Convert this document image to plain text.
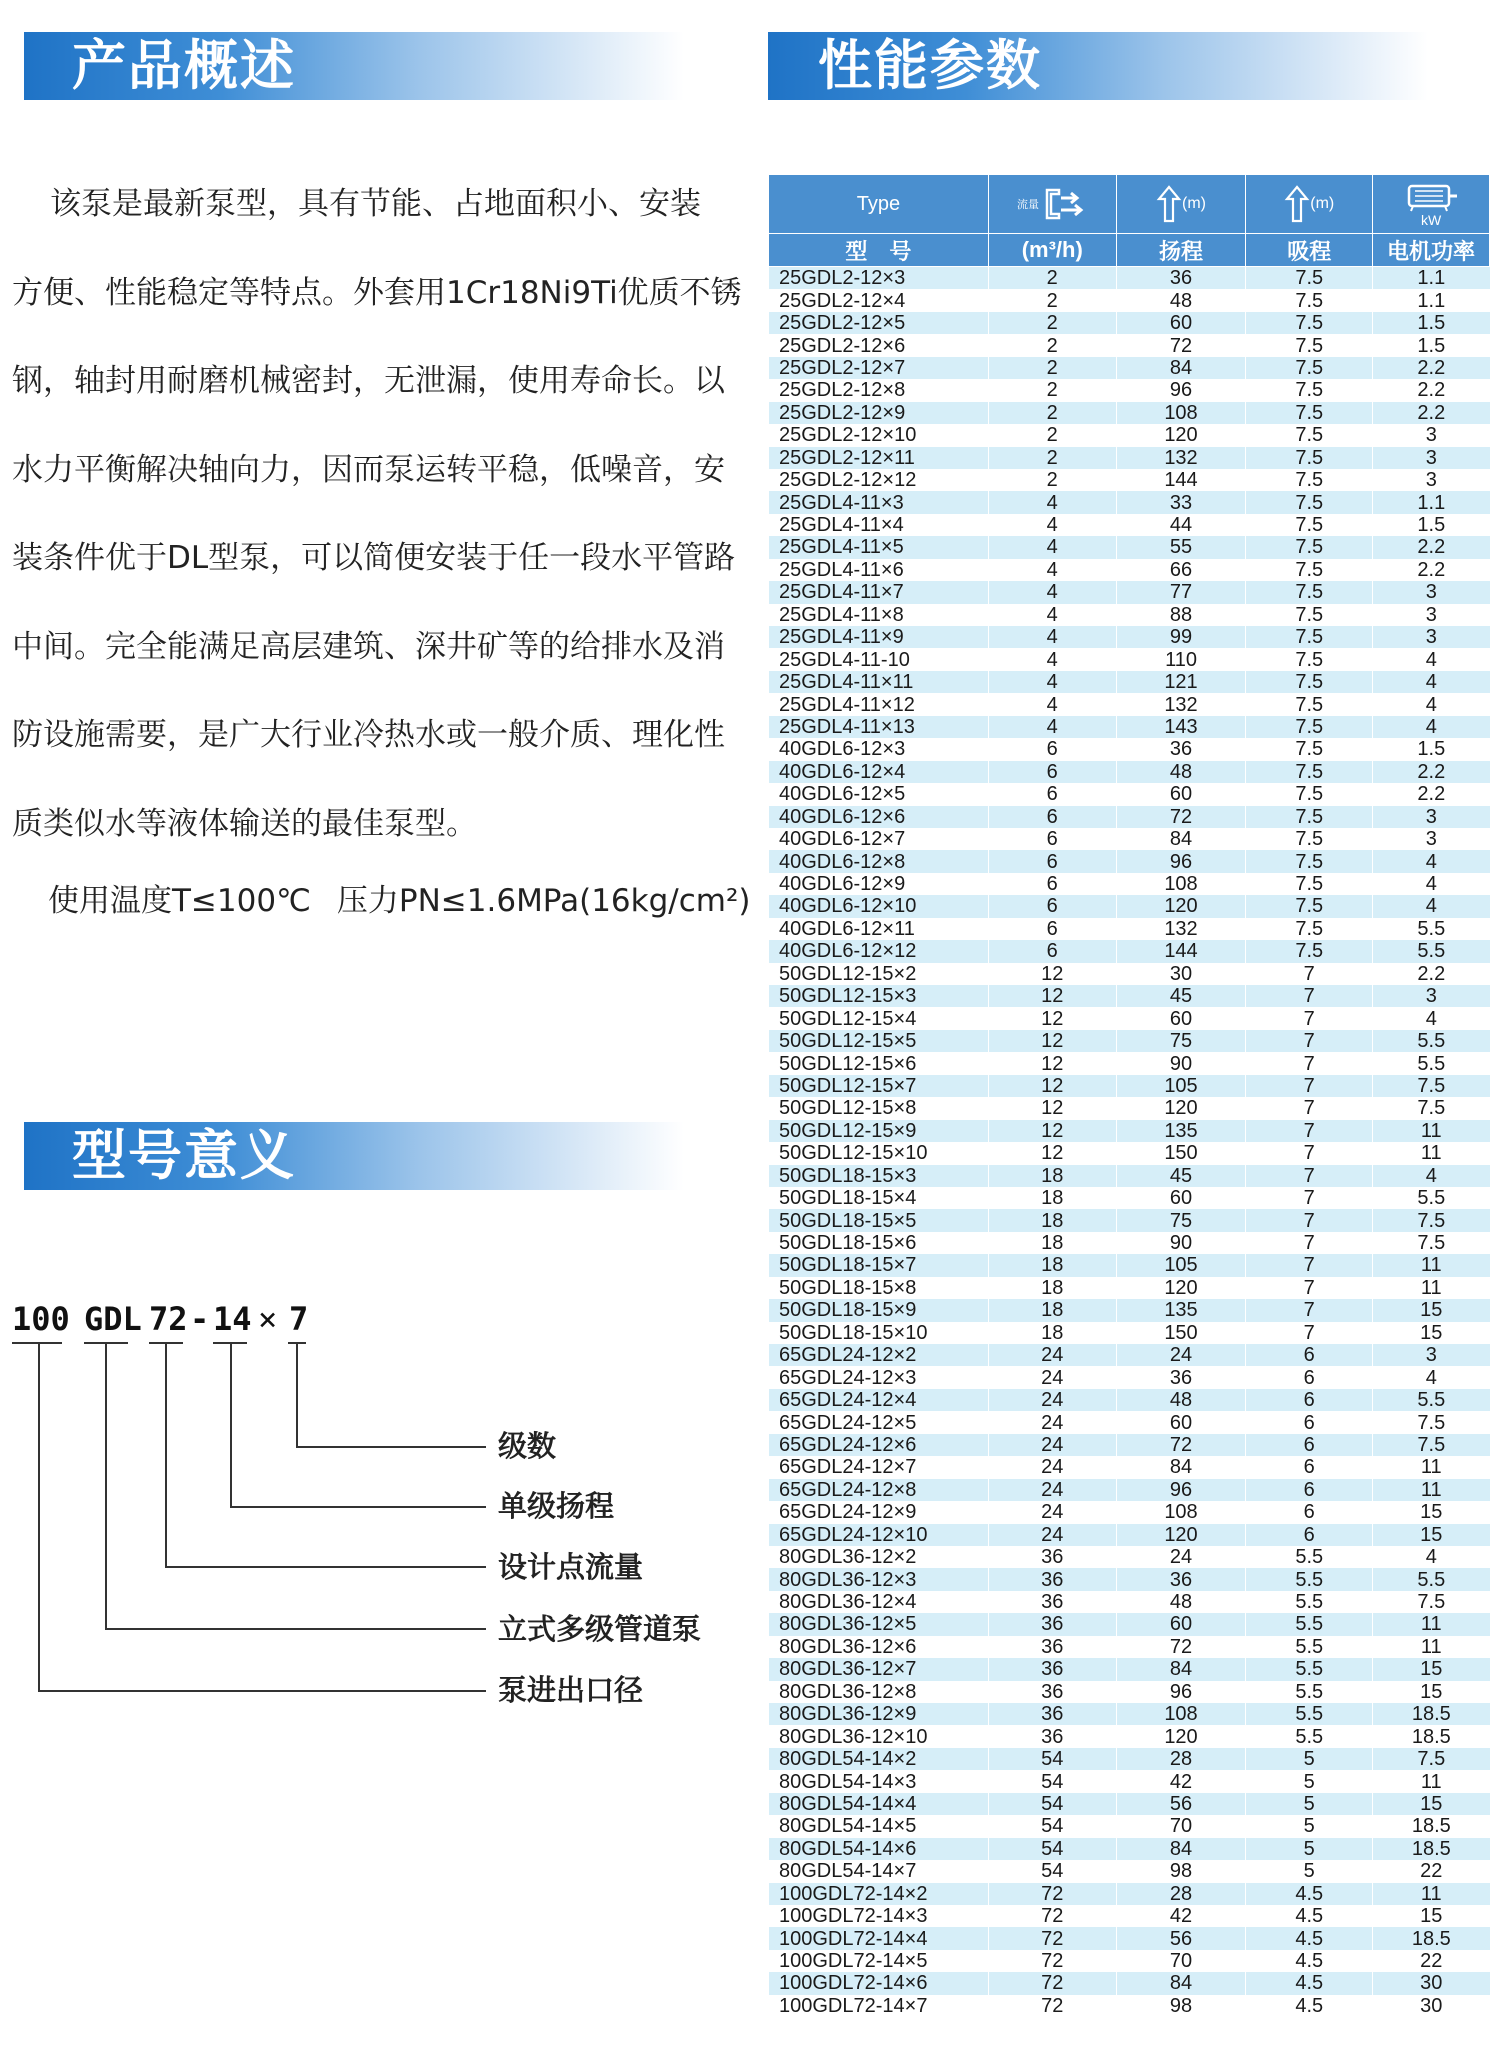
产品概述	性能参数
型号意义

该泵是最新泵型，具有节能、占地面积小、安装

方便、性能稳定等特点。外套用1Cr18Ni9Ti优质不锈

钢，轴封用耐磨机械密封，无泄漏，使用寿命长。以

水力平衡解决轴向力，因而泵运转平稳，低噪音，安

装条件优于DL型泵，可以简便安装于任一段水平管路

中间。完全能满足高层建筑、深井矿等的给排水及消

防设施需要，是广大行业冷热水或一般介质、理化性

质类似水等液体输送的最佳泵型。

使用温度T≤100℃ 压力PN≤1.6MPa(16kg/cm²)
100 GDL 72 - 14 × 7
级数
单级扬程
设计点流量
立式多级管道泵
泵进出口径
Type	流量	(m)	(m)	kW

型　号	(m³/h)	扬程	吸程	电机功率
25GDL2-12×3	2	36	7.5	1.1
25GDL2-12×4	2	48	7.5	1.1
25GDL2-12×5	2	60	7.5	1.5
25GDL2-12×6	2	72	7.5	1.5
25GDL2-12×7	2	84	7.5	2.2
25GDL2-12×8	2	96	7.5	2.2
25GDL2-12×9	2	108	7.5	2.2
25GDL2-12×10	2	120	7.5	3
25GDL2-12×11	2	132	7.5	3
25GDL2-12×12	2	144	7.5	3
25GDL4-11×3	4	33	7.5	1.1
25GDL4-11×4	4	44	7.5	1.5
25GDL4-11×5	4	55	7.5	2.2
25GDL4-11×6	4	66	7.5	2.2
25GDL4-11×7	4	77	7.5	3
25GDL4-11×8	4	88	7.5	3
25GDL4-11×9	4	99	7.5	3
25GDL4-11-10	4	110	7.5	4
25GDL4-11×11	4	121	7.5	4
25GDL4-11×12	4	132	7.5	4
25GDL4-11×13	4	143	7.5	4
40GDL6-12×3	6	36	7.5	1.5
40GDL6-12×4	6	48	7.5	2.2
40GDL6-12×5	6	60	7.5	2.2
40GDL6-12×6	6	72	7.5	3
40GDL6-12×7	6	84	7.5	3
40GDL6-12×8	6	96	7.5	4
40GDL6-12×9	6	108	7.5	4
40GDL6-12×10	6	120	7.5	4
40GDL6-12×11	6	132	7.5	5.5
40GDL6-12×12	6	144	7.5	5.5
50GDL12-15×2	12	30	7	2.2
50GDL12-15×3	12	45	7	3
50GDL12-15×4	12	60	7	4
50GDL12-15×5	12	75	7	5.5
50GDL12-15×6	12	90	7	5.5
50GDL12-15×7	12	105	7	7.5
50GDL12-15×8	12	120	7	7.5
50GDL12-15×9	12	135	7	11
50GDL12-15×10	12	150	7	11
50GDL18-15×3	18	45	7	4
50GDL18-15×4	18	60	7	5.5
50GDL18-15×5	18	75	7	7.5
50GDL18-15×6	18	90	7	7.5
50GDL18-15×7	18	105	7	11
50GDL18-15×8	18	120	7	11
50GDL18-15×9	18	135	7	15
50GDL18-15×10	18	150	7	15
65GDL24-12×2	24	24	6	3
65GDL24-12×3	24	36	6	4
65GDL24-12×4	24	48	6	5.5
65GDL24-12×5	24	60	6	7.5
65GDL24-12×6	24	72	6	7.5
65GDL24-12×7	24	84	6	11
65GDL24-12×8	24	96	6	11
65GDL24-12×9	24	108	6	15
65GDL24-12×10	24	120	6	15
80GDL36-12×2	36	24	5.5	4
80GDL36-12×3	36	36	5.5	5.5
80GDL36-12×4	36	48	5.5	7.5
80GDL36-12×5	36	60	5.5	11
80GDL36-12×6	36	72	5.5	11
80GDL36-12×7	36	84	5.5	15
80GDL36-12×8	36	96	5.5	15
80GDL36-12×9	36	108	5.5	18.5
80GDL36-12×10	36	120	5.5	18.5
80GDL54-14×2	54	28	5	7.5
80GDL54-14×3	54	42	5	11
80GDL54-14×4	54	56	5	15
80GDL54-14×5	54	70	5	18.5
80GDL54-14×6	54	84	5	18.5
80GDL54-14×7	54	98	5	22
100GDL72-14×2	72	28	4.5	11
100GDL72-14×3	72	42	4.5	15
100GDL72-14×4	72	56	4.5	18.5
100GDL72-14×5	72	70	4.5	22
100GDL72-14×6	72	84	4.5	30
100GDL72-14×7	72	98	4.5	30
